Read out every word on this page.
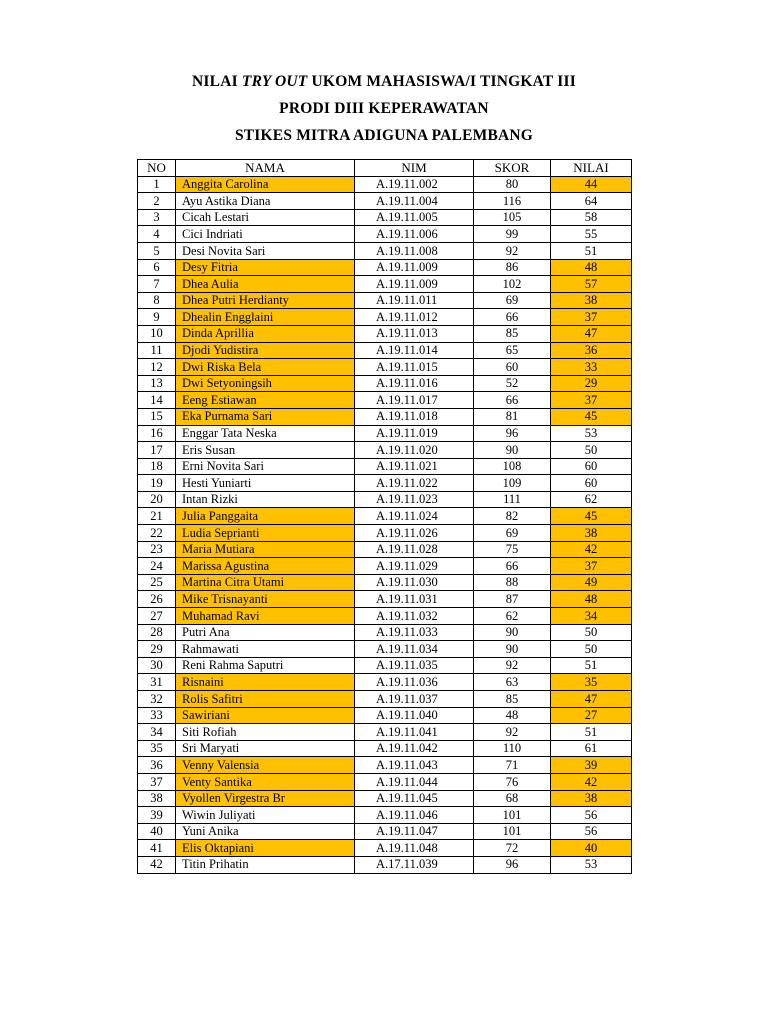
NILAI TRY OUT UKOM MAHASISWA/I TINGKAT III
PRODI DIII KEPERAWATAN
STIKES MITRA ADIGUNA PALEMBANG
NO	NAMA	NIM	SKOR	NILAI
1	Anggita Carolina	A.19.11.002	80	44
2	Ayu Astika Diana	A.19.11.004	116	64
3	Cicah Lestari	A.19.11.005	105	58
4	Cici Indriati	A.19.11.006	99	55
5	Desi Novita Sari	A.19.11.008	92	51
6	Desy Fitria	A.19.11.009	86	48
7	Dhea Aulia	A.19.11.009	102	57
8	Dhea Putri Herdianty	A.19.11.011	69	38
9	Dhealin Engglaini	A.19.11.012	66	37
10	Dinda Aprillia	A.19.11.013	85	47
11	Djodi Yudistira	A.19.11.014	65	36
12	Dwi Riska Bela	A.19.11.015	60	33
13	Dwi Setyoningsih	A.19.11.016	52	29
14	Eeng Estiawan	A.19.11.017	66	37
15	Eka Purnama Sari	A.19.11.018	81	45
16	Enggar Tata Neska	A.19.11.019	96	53
17	Eris Susan	A.19.11.020	90	50
18	Erni Novita Sari	A.19.11.021	108	60
19	Hesti Yuniarti	A.19.11.022	109	60
20	Intan Rizki	A.19.11.023	111	62
21	Julia Panggaita	A.19.11.024	82	45
22	Ludia Seprianti	A.19.11.026	69	38
23	Maria Mutiara	A.19.11.028	75	42
24	Marissa Agustina	A.19.11.029	66	37
25	Martina Citra Utami	A.19.11.030	88	49
26	Mike Trisnayanti	A.19.11.031	87	48
27	Muhamad Ravi	A.19.11.032	62	34
28	Putri Ana	A.19.11.033	90	50
29	Rahmawati	A.19.11.034	90	50
30	Reni Rahma Saputri	A.19.11.035	92	51
31	Risnaini	A.19.11.036	63	35
32	Rolis Safitri	A.19.11.037	85	47
33	Sawiriani	A.19.11.040	48	27
34	Siti Rofiah	A.19.11.041	92	51
35	Sri Maryati	A.19.11.042	110	61
36	Venny Valensia	A.19.11.043	71	39
37	Venty Santika	A.19.11.044	76	42
38	Vyollen Virgestra Br	A.19.11.045	68	38
39	Wiwin Juliyati	A.19.11.046	101	56
40	Yuni Anika	A.19.11.047	101	56
41	Elis Oktapiani	A.19.11.048	72	40
42	Titin Prihatin	A.17.11.039	96	53
